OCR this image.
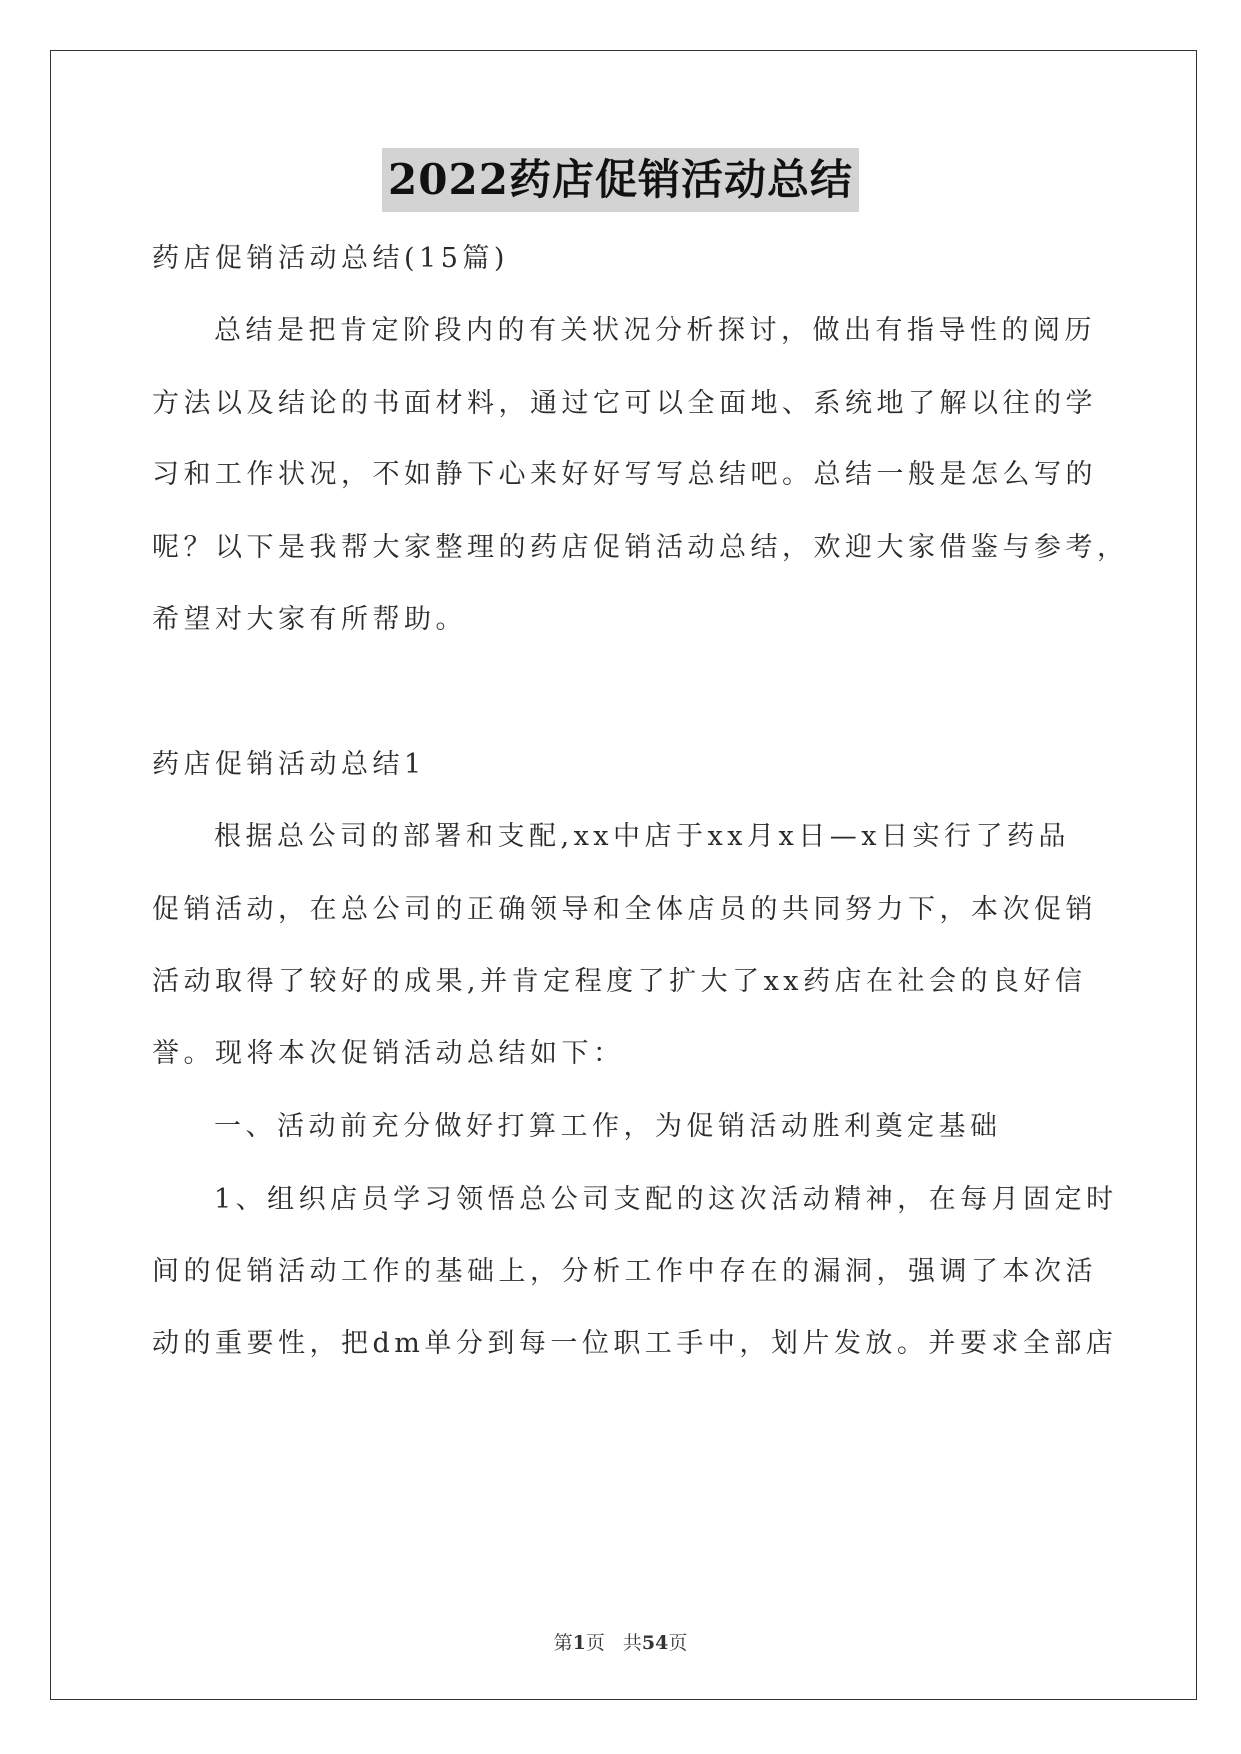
2022药店促销活动总结
药店促销活动总结(15篇)
总结是把肯定阶段内的有关状况分析探讨，做出有指导性的阅历
方法以及结论的书面材料，通过它可以全面地、系统地了解以往的学
习和工作状况，不如静下心来好好写写总结吧。总结一般是怎么写的
呢？以下是我帮大家整理的药店促销活动总结，欢迎大家借鉴与参考，
希望对大家有所帮助。
药店促销活动总结1
根据总公司的部署和支配,xx中店于xx月x日—x日实行了药品
促销活动，在总公司的正确领导和全体店员的共同努力下，本次促销
活动取得了较好的成果,并肯定程度了扩大了xx药店在社会的良好信
誉。现将本次促销活动总结如下：
一、活动前充分做好打算工作，为促销活动胜利奠定基础
1、组织店员学习领悟总公司支配的这次活动精神，在每月固定时
间的促销活动工作的基础上，分析工作中存在的漏洞，强调了本次活
动的重要性，把dm单分到每一位职工手中，划片发放。并要求全部店
第1页 共54页
